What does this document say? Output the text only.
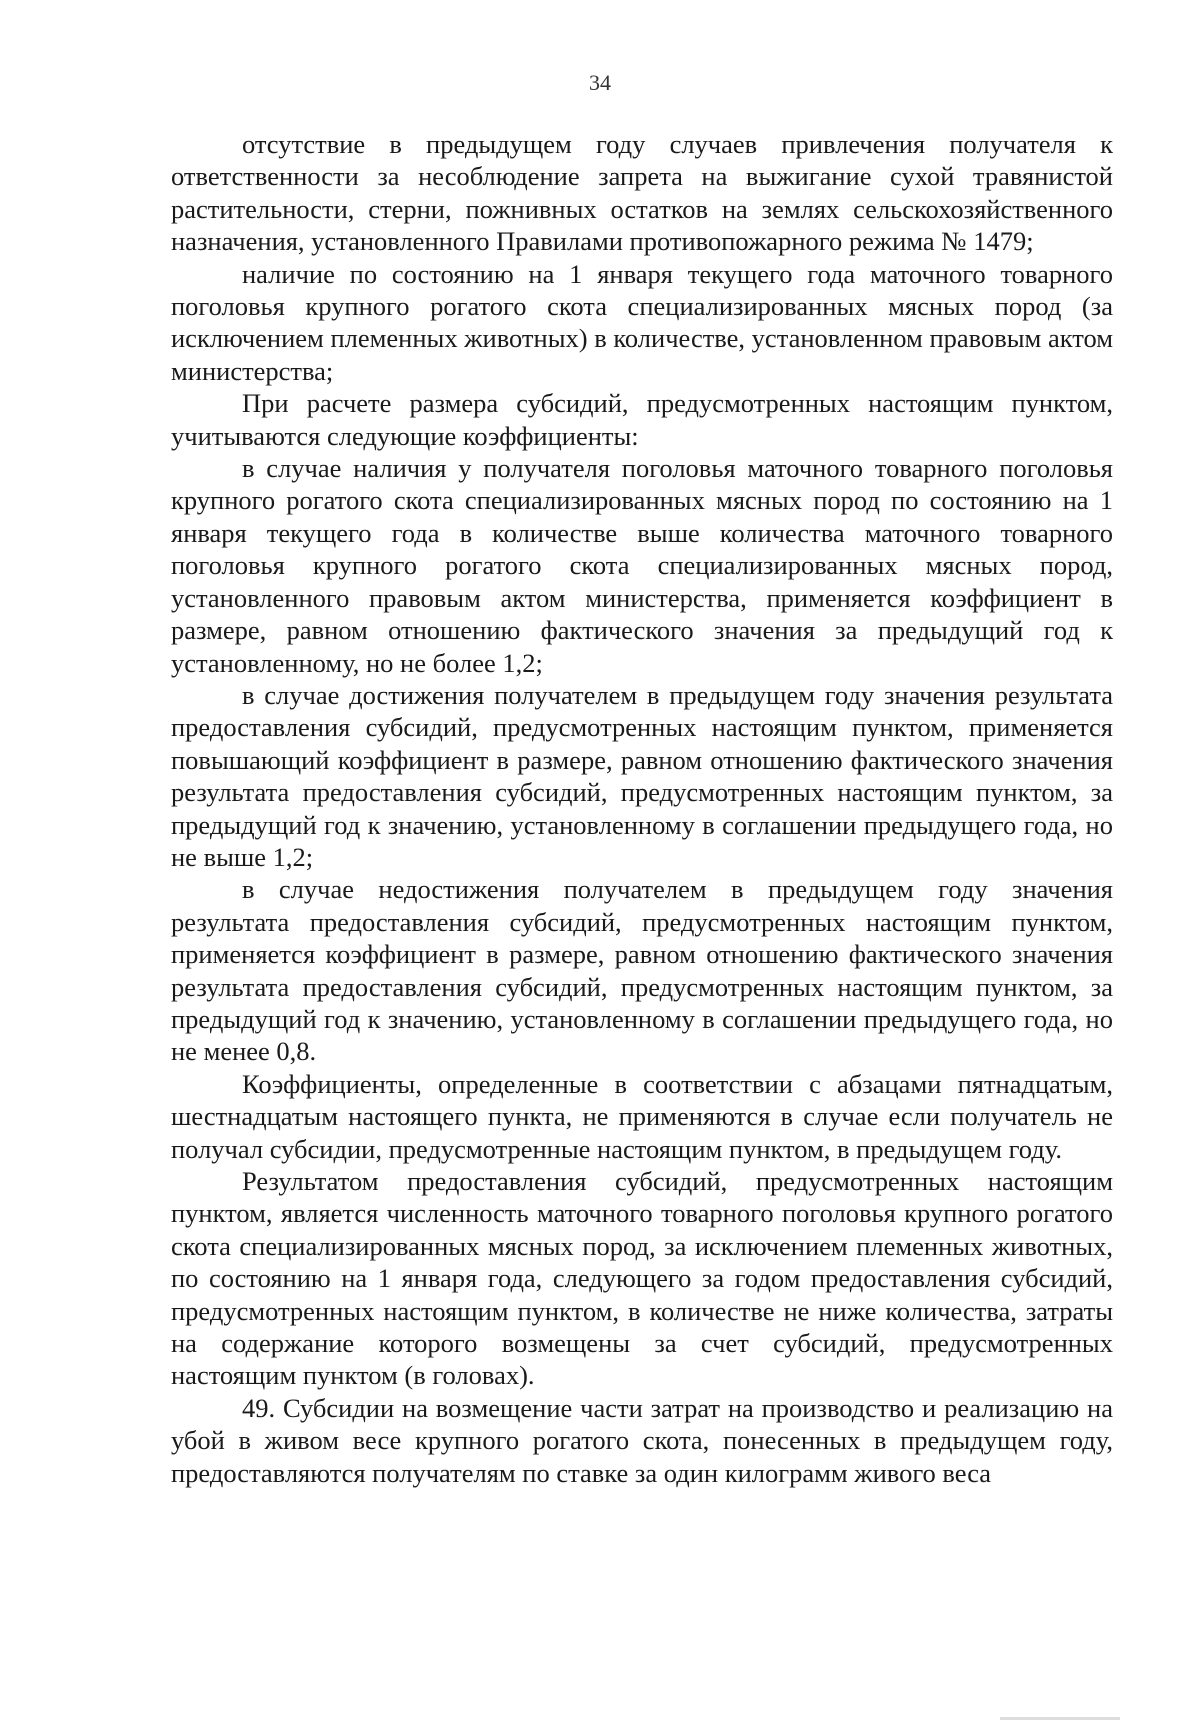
34

отсутствие в предыдущем году случаев привлечения получателя к ответственности за несоблюдение запрета на выжигание сухой травянистой растительности, стерни, пожнивных остатков на землях сельскохозяйственного назначения, установленного Правилами противопожарного режима № 1479;

наличие по состоянию на 1 января текущего года маточного товарного поголовья крупного рогатого скота специализированных мясных пород (за исключением племенных животных) в количестве, установленном правовым актом министерства;

При расчете размера субсидий, предусмотренных настоящим пунктом, учитываются следующие коэффициенты:

в случае наличия у получателя поголовья маточного товарного поголовья крупного рогатого скота специализированных мясных пород по состоянию на 1 января текущего года в количестве выше количества маточного товарного поголовья крупного рогатого скота специализированных мясных пород, установленного правовым актом министерства, применяется коэффициент в размере, равном отношению фактического значения за предыдущий год к установленному, но не более 1,2;

в случае достижения получателем в предыдущем году значения результата предоставления субсидий, предусмотренных настоящим пунктом, применяется повышающий коэффициент в размере, равном отношению фактического значения результата предоставления субсидий, предусмотренных настоящим пунктом, за предыдущий год к значению, установленному в соглашении предыдущего года, но не выше 1,2;

в случае недостижения получателем в предыдущем году значения результата предоставления субсидий, предусмотренных настоящим пунктом, применяется коэффициент в размере, равном отношению фактического значения результата предоставления субсидий, предусмотренных настоящим пунктом, за предыдущий год к значению, установленному в соглашении предыдущего года, но не менее 0,8.

Коэффициенты, определенные в соответствии с абзацами пятнадцатым, шестнадцатым настоящего пункта, не применяются в случае если получатель не получал субсидии, предусмотренные настоящим пунктом, в предыдущем году.

Результатом предоставления субсидий, предусмотренных настоящим пунктом, является численность маточного товарного поголовья крупного рогатого скота специализированных мясных пород, за исключением племенных животных, по состоянию на 1 января года, следующего за годом предоставления субсидий, предусмотренных настоящим пунктом, в количестве не ниже количества, затраты на содержание которого возмещены за счет субсидий, предусмотренных настоящим пунктом (в головах).

49. Субсидии на возмещение части затрат на производство и реализацию на убой в живом весе крупного рогатого скота, понесенных в предыдущем году, предоставляются получателям по ставке за один килограмм живого веса
